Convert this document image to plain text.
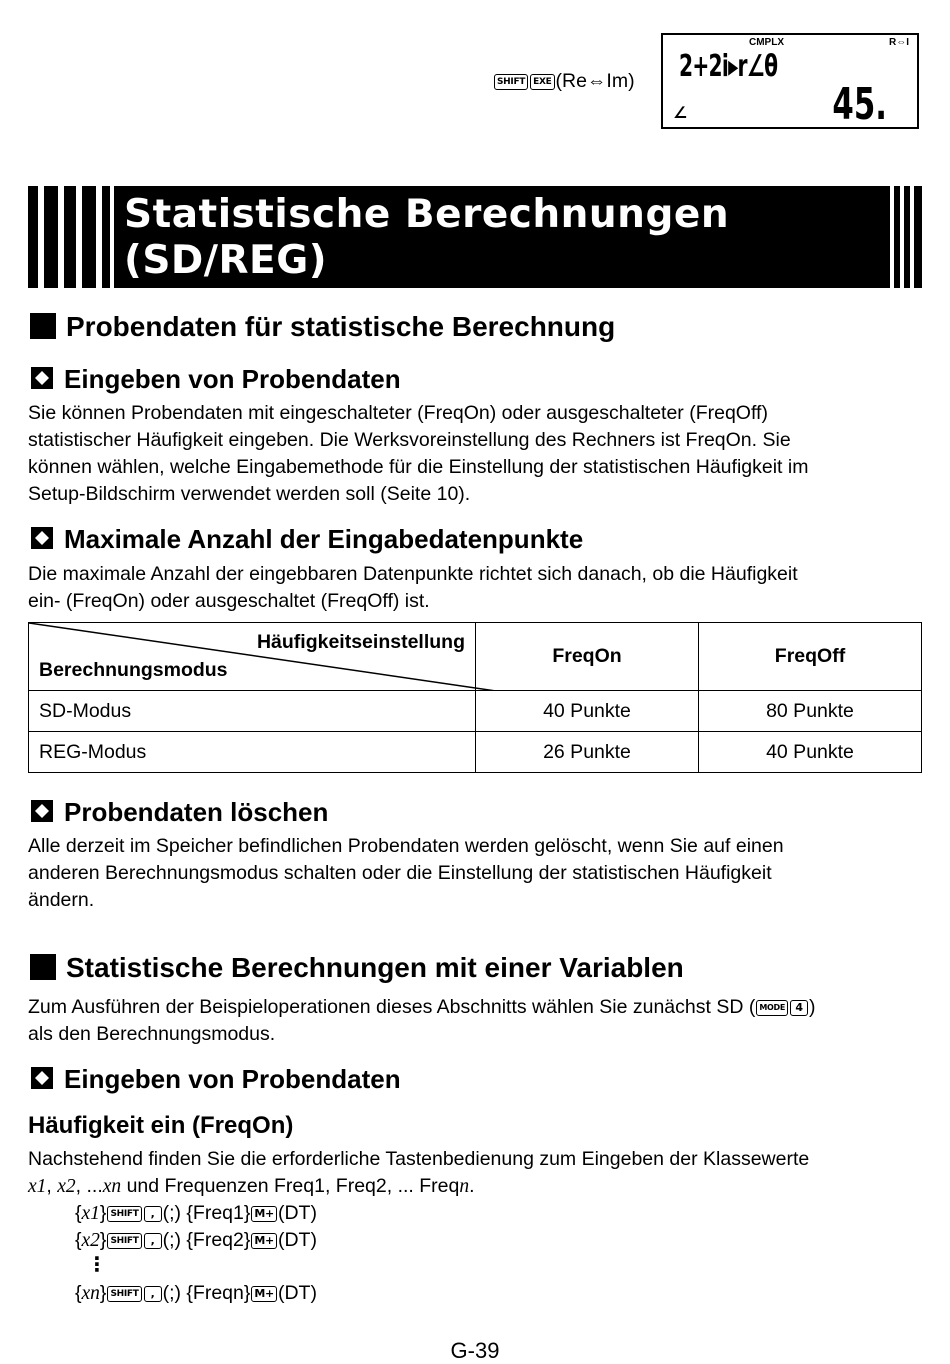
SHIFT EXE (Re⇔Im)
CMPLX	R⇔I
2+2i▸r∠θ
45.
∠
Statistische Berechnungen
(SD/REG)
Probendaten für statistische Berechnung
Eingeben von Probendaten
Sie können Probendaten mit eingeschalteter (FreqOn) oder ausgeschalteter (FreqOff)
statistischer Häufigkeit eingeben. Die Werksvoreinstellung des Rechners ist FreqOn. Sie
können wählen, welche Eingabemethode für die Einstellung der statistischen Häufigkeit im
Setup-Bildschirm verwendet werden soll (Seite 10).
Maximale Anzahl der Eingabedatenpunkte
Die maximale Anzahl der eingebbaren Datenpunkte richtet sich danach, ob die Häufigkeit
ein- (FreqOn) oder ausgeschaltet (FreqOff) ist.
Häufigkeitseinstellung
Berechnungsmodus	FreqOn	FreqOff
SD-Modus	40 Punkte	80 Punkte
REG-Modus	26 Punkte	40 Punkte
Probendaten löschen
Alle derzeit im Speicher befindlichen Probendaten werden gelöscht, wenn Sie auf einen
anderen Berechnungsmodus schalten oder die Einstellung der statistischen Häufigkeit
ändern.
Statistische Berechnungen mit einer Variablen
Zum Ausführen der Beispieloperationen dieses Abschnitts wählen Sie zunächst SD ( MODE 4 )
als den Berechnungsmodus.
Eingeben von Probendaten
Häufigkeit ein (FreqOn)
Nachstehend finden Sie die erforderliche Tastenbedienung zum Eingeben der Klassewerte
x1, x2, ...xn und Frequenzen Freq1, Freq2, ... Freqn.
{x1} SHIFT , (;) {Freq1} M+ (DT)
{x2} SHIFT , (;) {Freq2} M+ (DT)
⋮
{xn} SHIFT , (;) {Freqn} M+ (DT)
G-39
